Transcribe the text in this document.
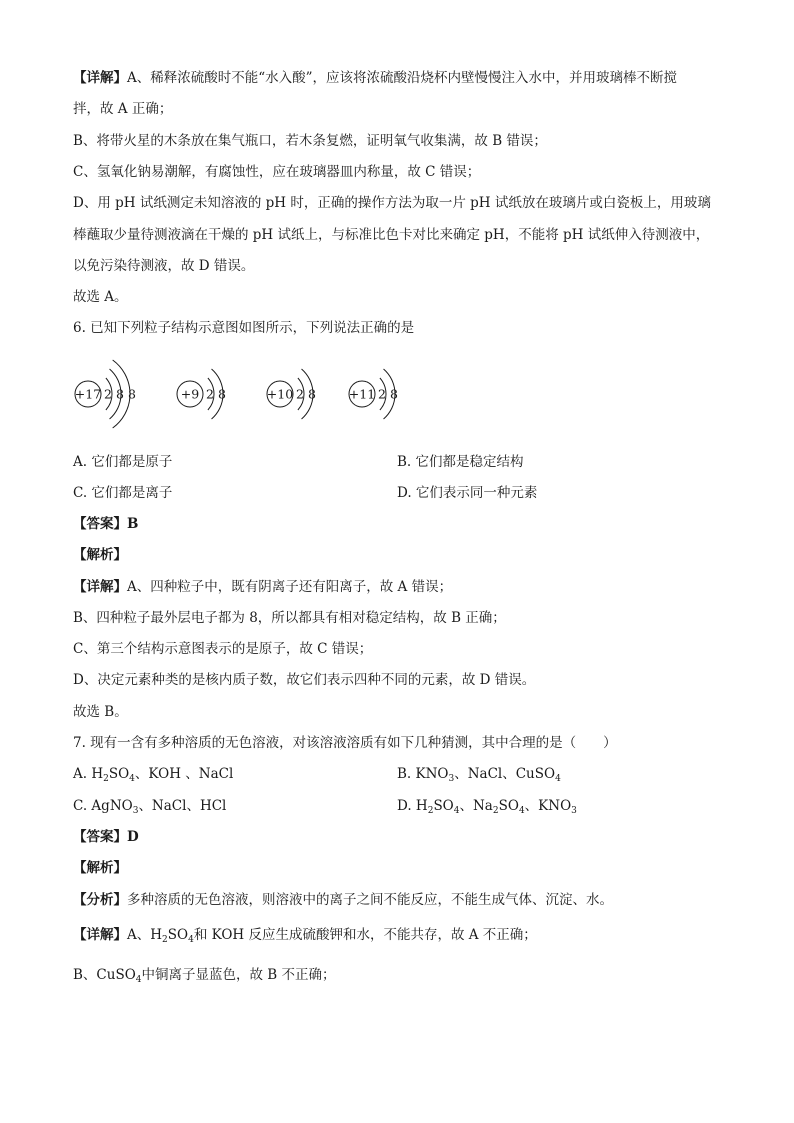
【详解】A、稀释浓硫酸时不能“水入酸”，应该将浓硫酸沿烧杯内壁慢慢注入水中，并用玻璃棒不断搅
拌，故 A 正确；
B、将带火星的木条放在集气瓶口，若木条复燃，证明氧气收集满，故 B 错误；
C、氢氧化钠易潮解，有腐蚀性，应在玻璃器皿内称量，故 C 错误；
D、用 pH 试纸测定未知溶液的 pH 时，正确的操作方法为取一片 pH 试纸放在玻璃片或白瓷板上，用玻璃
棒蘸取少量待测液滴在干燥的 pH 试纸上，与标准比色卡对比来确定 pH，不能将 pH 试纸伸入待测液中，
以免污染待测液，故 D 错误。
故选 A。
6. 已知下列粒子结构示意图如图所示，下列说法正确的是
+17 2 8 8	+9 2 8	+10 2 8	+11 2 8
A. 它们都是原子	B. 它们都是稳定结构
C. 它们都是离子	D. 它们表示同一种元素
【答案】B
【解析】
【详解】A、四种粒子中，既有阴离子还有阳离子，故 A 错误；
B、四种粒子最外层电子都为 8，所以都具有相对稳定结构，故 B 正确；
C、第三个结构示意图表示的是原子，故 C 错误；
D、决定元素种类的是核内质子数，故它们表示四种不同的元素，故 D 错误。
故选 B。
7. 现有一含有多种溶质的无色溶液，对该溶液溶质有如下几种猜测，其中合理的是（　　）
A. $H_2SO_4$、KOH 、NaCl	B. $KNO_3$、NaCl、CuSO$_4$
C. AgNO$_3$、NaCl、HCl	D. $H_2SO_4$、$Na_2SO_4$、$KNO_3$
【答案】D
【解析】
【分析】多种溶质的无色溶液，则溶液中的离子之间不能反应，不能生成气体、沉淀、水。
【详解】A、$H_2SO_4$和 KOH 反应生成硫酸钾和水，不能共存，故 A 不正确；
B、CuSO$_4$中铜离子显蓝色，故 B 不正确；
